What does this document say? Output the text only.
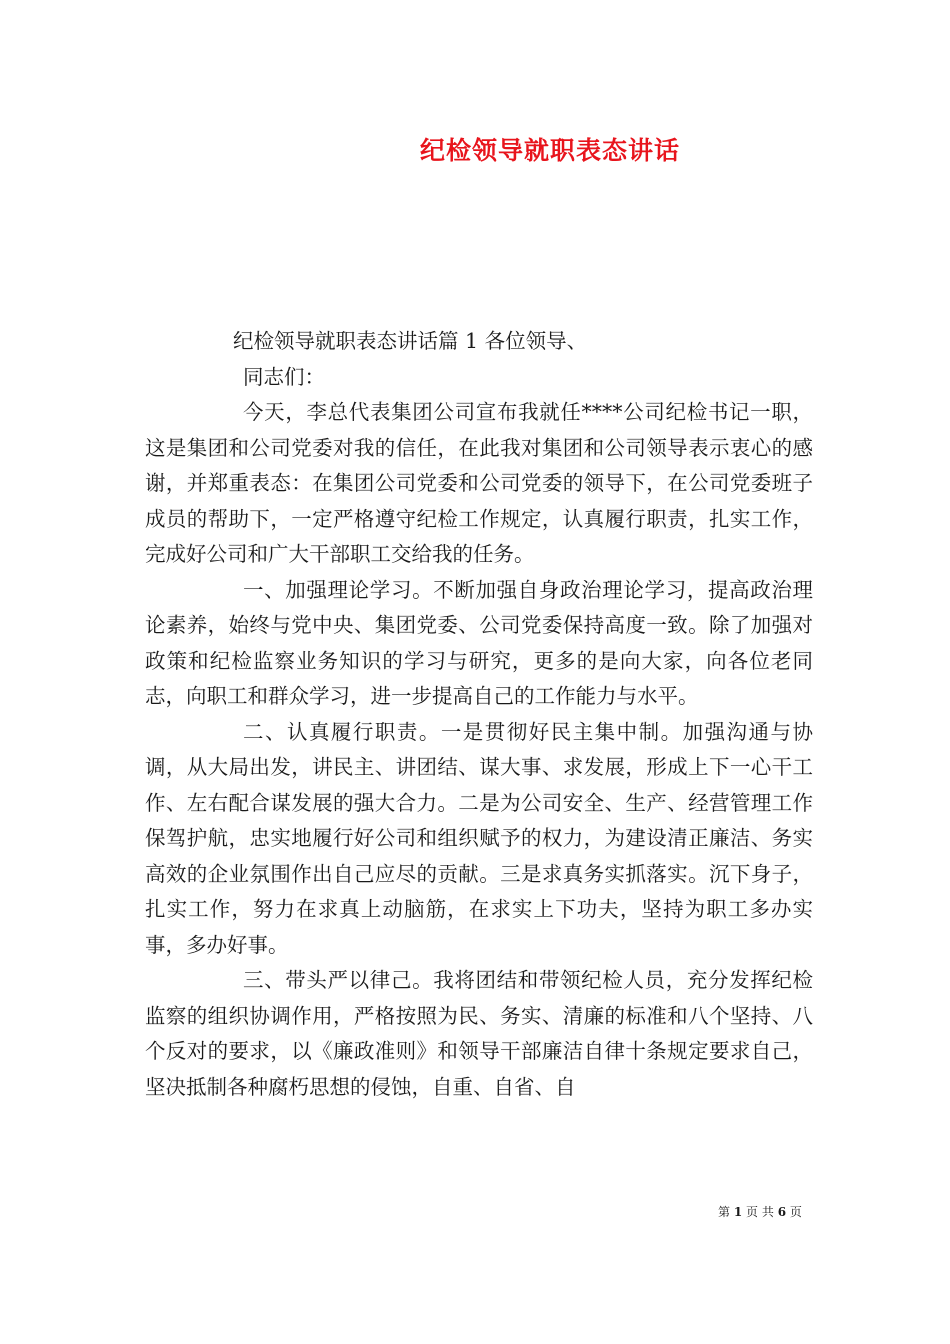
纪检领导就职表态讲话

纪检领导就职表态讲话篇 1 各位领导、

同志们：

今天，李总代表集团公司宣布我就任****公司纪检书记一职，这是集团和公司党委对我的信任，在此我对集团和公司领导表示衷心的感谢，并郑重表态：在集团公司党委和公司党委的领导下，在公司党委班子成员的帮助下，一定严格遵守纪检工作规定，认真履行职责，扎实工作，完成好公司和广大干部职工交给我的任务。

一、加强理论学习。不断加强自身政治理论学习，提高政治理论素养，始终与党中央、集团党委、公司党委保持高度一致。除了加强对政策和纪检监察业务知识的学习与研究，更多的是向大家，向各位老同志，向职工和群众学习，进一步提高自己的工作能力与水平。

二、认真履行职责。一是贯彻好民主集中制。加强沟通与协调，从大局出发，讲民主、讲团结、谋大事、求发展，形成上下一心干工作、左右配合谋发展的强大合力。二是为公司安全、生产、经营管理工作保驾护航，忠实地履行好公司和组织赋予的权力，为建设清正廉洁、务实高效的企业氛围作出自己应尽的贡献。三是求真务实抓落实。沉下身子，扎实工作，努力在求真上动脑筋，在求实上下功夫，坚持为职工多办实事，多办好事。

三、带头严以律己。我将团结和带领纪检人员，充分发挥纪检监察的组织协调作用，严格按照为民、务实、清廉的标准和八个坚持、八个反对的要求，以《廉政准则》和领导干部廉洁自律十条规定要求自己，坚决抵制各种腐朽思想的侵蚀，自重、自省、自

第 1 页 共 6 页
